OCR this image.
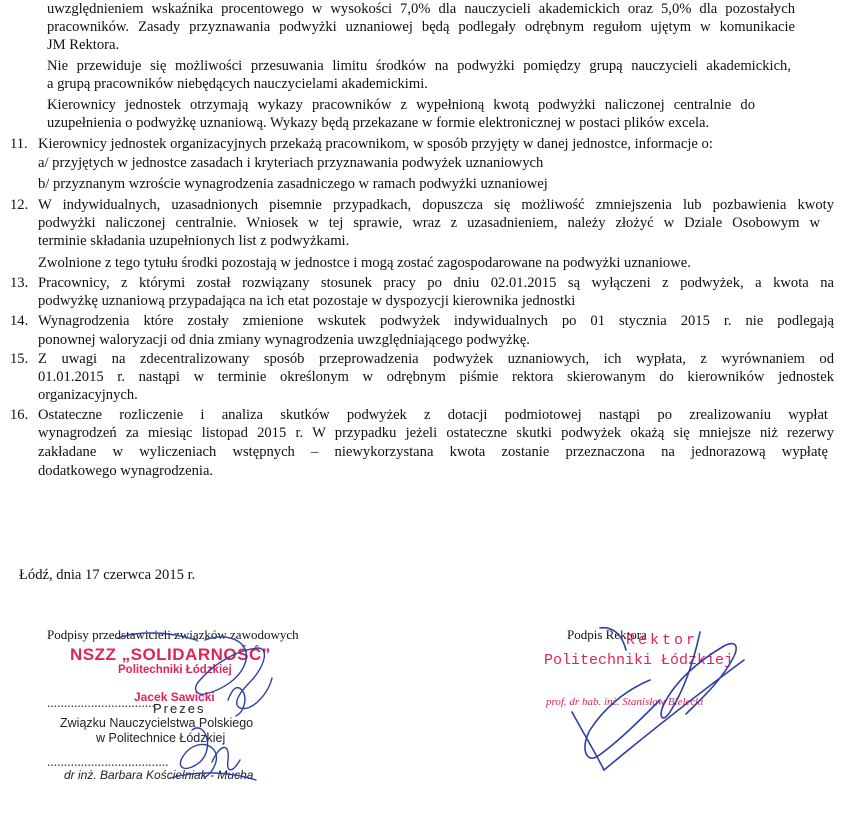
uwzględnieniem wskaźnika procentowego w wysokości 7,0% dla nauczycieli akademickich oraz 5,0% dla pozostałych
pracowników. Zasady przyznawania podwyżki uznaniowej będą podlegały odrębnym regułom ujętym w komunikacie
JM Rektora.
Nie przewiduje się możliwości przesuwania limitu środków na podwyżki pomiędzy grupą nauczycieli akademickich,
a grupą pracowników niebędących nauczycielami akademickimi.
Kierownicy jednostek otrzymają wykazy pracowników z wypełnioną kwotą podwyżki naliczonej centralnie do
uzupełnienia o podwyżkę uznaniową. Wykazy będą przekazane w formie elektronicznej w postaci plików excela.
11. Kierownicy jednostek organizacyjnych przekażą pracownikom, w sposób przyjęty w danej jednostce, informacje o:
a/ przyjętych w jednostce zasadach i kryteriach przyznawania podwyżek uznaniowych
b/ przyznanym wzroście wynagrodzenia zasadniczego w ramach podwyżki uznaniowej
12. W indywidualnych, uzasadnionych pisemnie przypadkach, dopuszcza się możliwość zmniejszenia lub pozbawienia kwoty
podwyżki naliczonej centralnie. Wniosek w tej sprawie, wraz z uzasadnieniem, należy złożyć w Dziale Osobowym w
terminie składania uzupełnionych list z podwyżkami.
Zwolnione z tego tytułu środki pozostają w jednostce i mogą zostać zagospodarowane na podwyżki uznaniowe.
13. Pracownicy, z którymi został rozwiązany stosunek pracy po dniu 02.01.2015 są wyłączeni z podwyżek, a kwota na
podwyżkę uznaniową przypadająca na ich etat pozostaje w dyspozycji kierownika jednostki
14. Wynagrodzenia które zostały zmienione wskutek podwyżek indywidualnych po 01 stycznia 2015 r. nie podlegają
ponownej waloryzacji od dnia zmiany wynagrodzenia uwzględniającego podwyżkę.
15. Z uwagi na zdecentralizowany sposób przeprowadzenia podwyżek uznaniowych, ich wypłata, z wyrównaniem od
01.01.2015 r. nastąpi w terminie określonym w odrębnym piśmie rektora skierowanym do kierowników jednostek
organizacyjnych.
16. Ostateczne rozliczenie i analiza skutków podwyżek z dotacji podmiotowej nastąpi po zrealizowaniu wypłat
wynagrodzeń za miesiąc listopad 2015 r. W przypadku jeżeli ostateczne skutki podwyżek okażą się mniejsze niż rezerwy
zakładane w wyliczeniach wstępnych – niewykorzystana kwota zostanie przeznaczona na jednorazową wypłatę
dodatkowego wynagrodzenia.
Łódź, dnia 17 czerwca 2015 r.
Podpisy przedstawicieli związków zawodowych
NSZZ „SOLIDARNOŚĆ”
Politechniki Łódzkiej
Jacek Sawicki
................................
Prezes
Związku Nauczycielstwa Polskiego
w Politechnice Łódzkiej
....................................
dr inż. Barbara Kościelniak - Mucha
Podpis Rektora
Rektor
Politechniki Łódzkiej
prof. dr hab. inż. Stanisław Bielecki
